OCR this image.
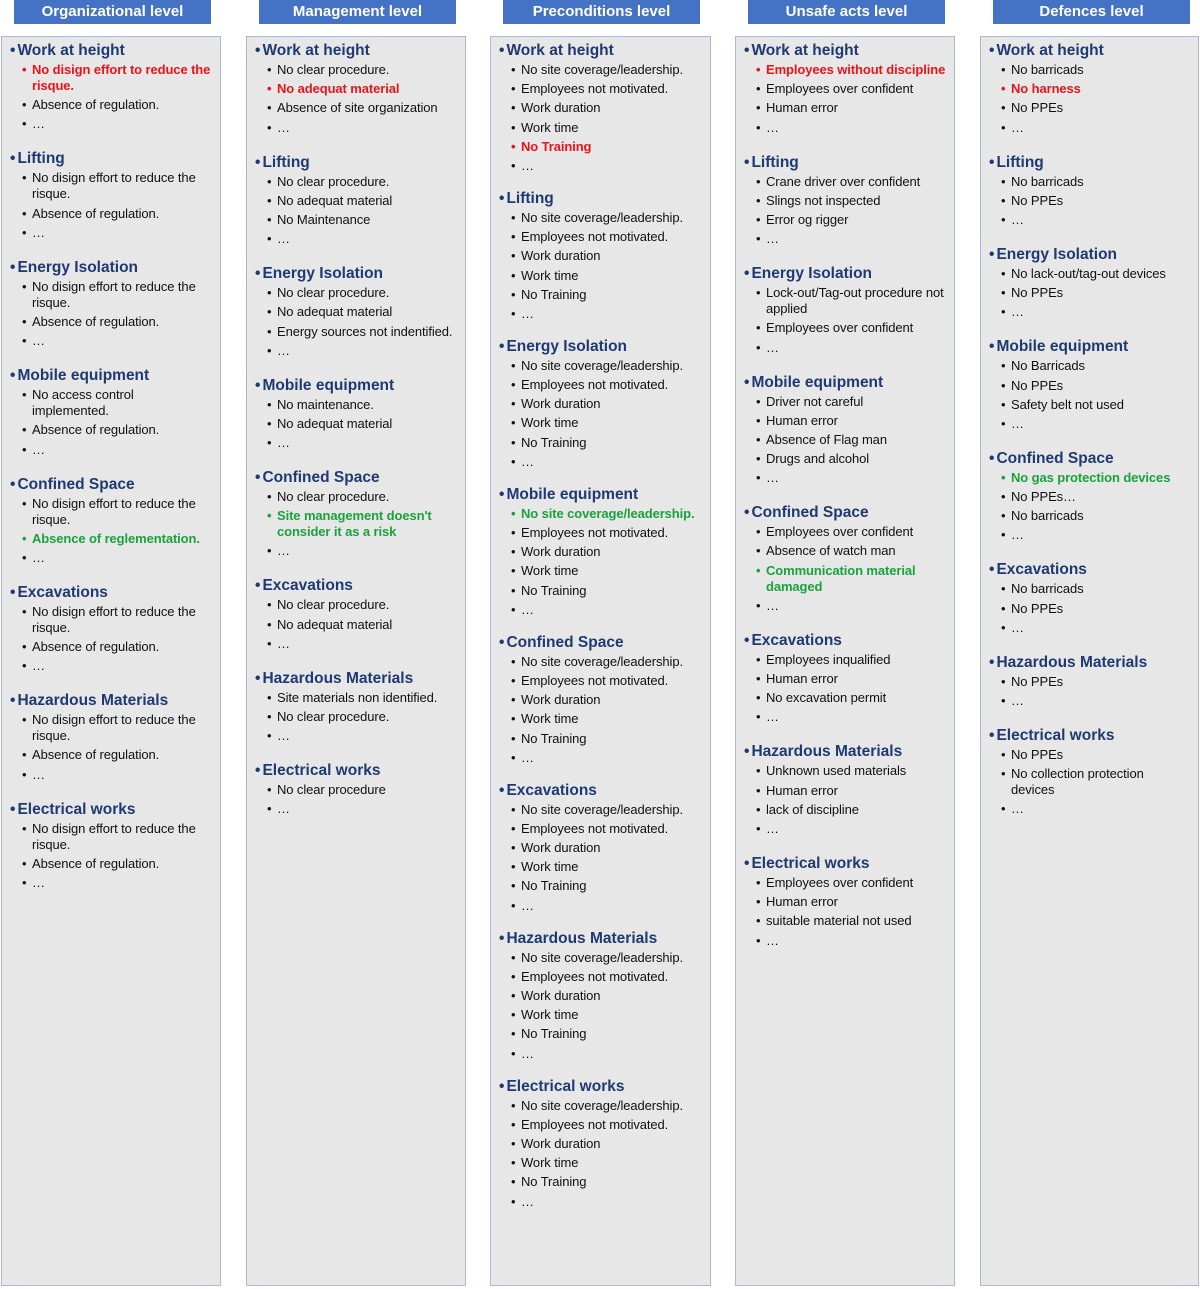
Organizational level	Management level	Preconditions level	Unsafe acts level	Defences level
• Work at height
• No disign effort to reduce the risque.
• Absence of regulation.
• …
• Lifting
• No disign effort to reduce the risque.
• Absence of regulation.
• …
• Energy Isolation
• No disign effort to reduce the risque.
• Absence of regulation.
• …
• Mobile equipment
• No access control implemented.
• Absence of regulation.
• …
• Confined Space
• No disign effort to reduce the risque.
• Absence of reglementation.
• …
• Excavations
• No disign effort to reduce the risque.
• Absence of regulation.
• …
• Hazardous Materials
• No disign effort to reduce the risque.
• Absence of regulation.
• …
• Electrical works
• No disign effort to reduce the risque.
• Absence of regulation.
• …
• Work at height
• No clear procedure.
• No adequat material
• Absence of site organization
• …
• Lifting
• No clear procedure.
• No adequat material
• No Maintenance
• …
• Energy Isolation
• No clear procedure.
• No adequat material
• Energy sources not indentified.
• …
• Mobile equipment
• No maintenance.
• No adequat material
• …
• Confined Space
• No clear procedure.
• Site management doesn't consider it as a risk
• …
• Excavations
• No clear procedure.
• No adequat material
• …
• Hazardous Materials
• Site materials non identified.
• No clear procedure.
• …
• Electrical works
• No clear procedure
• …
• Work at height
• No site coverage/leadership.
• Employees not motivated.
• Work duration
• Work time
• No Training
• …
• Lifting
• No site coverage/leadership.
• Employees not motivated.
• Work duration
• Work time
• No Training
• …
• Energy Isolation
• No site coverage/leadership.
• Employees not motivated.
• Work duration
• Work time
• No Training
• …
• Mobile equipment
• No site coverage/leadership.
• Employees not motivated.
• Work duration
• Work time
• No Training
• …
• Confined Space
• No site coverage/leadership.
• Employees not motivated.
• Work duration
• Work time
• No Training
• …
• Excavations
• No site coverage/leadership.
• Employees not motivated.
• Work duration
• Work time
• No Training
• …
• Hazardous Materials
• No site coverage/leadership.
• Employees not motivated.
• Work duration
• Work time
• No Training
• …
• Electrical works
• No site coverage/leadership.
• Employees not motivated.
• Work duration
• Work time
• No Training
• …
• Work at height
• Employees without discipline
• Employees over confident
• Human error
• …
• Lifting
• Crane driver over confident
• Slings not inspected
• Error og rigger
• …
• Energy Isolation
• Lock-out/Tag-out procedure not applied
• Employees over confident
• …
• Mobile equipment
• Driver not careful
• Human error
• Absence of Flag man
• Drugs and alcohol
• …
• Confined Space
• Employees over confident
• Absence of watch man
• Communication material damaged
• …
• Excavations
• Employees inqualified
• Human error
• No excavation permit
• …
• Hazardous Materials
• Unknown used materials
• Human error
• lack of discipline
• …
• Electrical works
• Employees over confident
• Human error
• suitable material not used
• …
• Work at height
• No barricads
• No harness
• No PPEs
• …
• Lifting
• No barricads
• No PPEs
• …
• Energy Isolation
• No lack-out/tag-out devices
• No PPEs
• …
• Mobile equipment
• No Barricads
• No PPEs
• Safety belt not used
• …
• Confined Space
• No gas protection devices
• No PPEs…
• No barricads
• …
• Excavations
• No barricads
• No PPEs
• …
• Hazardous Materials
• No PPEs
• …
• Electrical works
• No PPEs
• No collection protection devices
• …
